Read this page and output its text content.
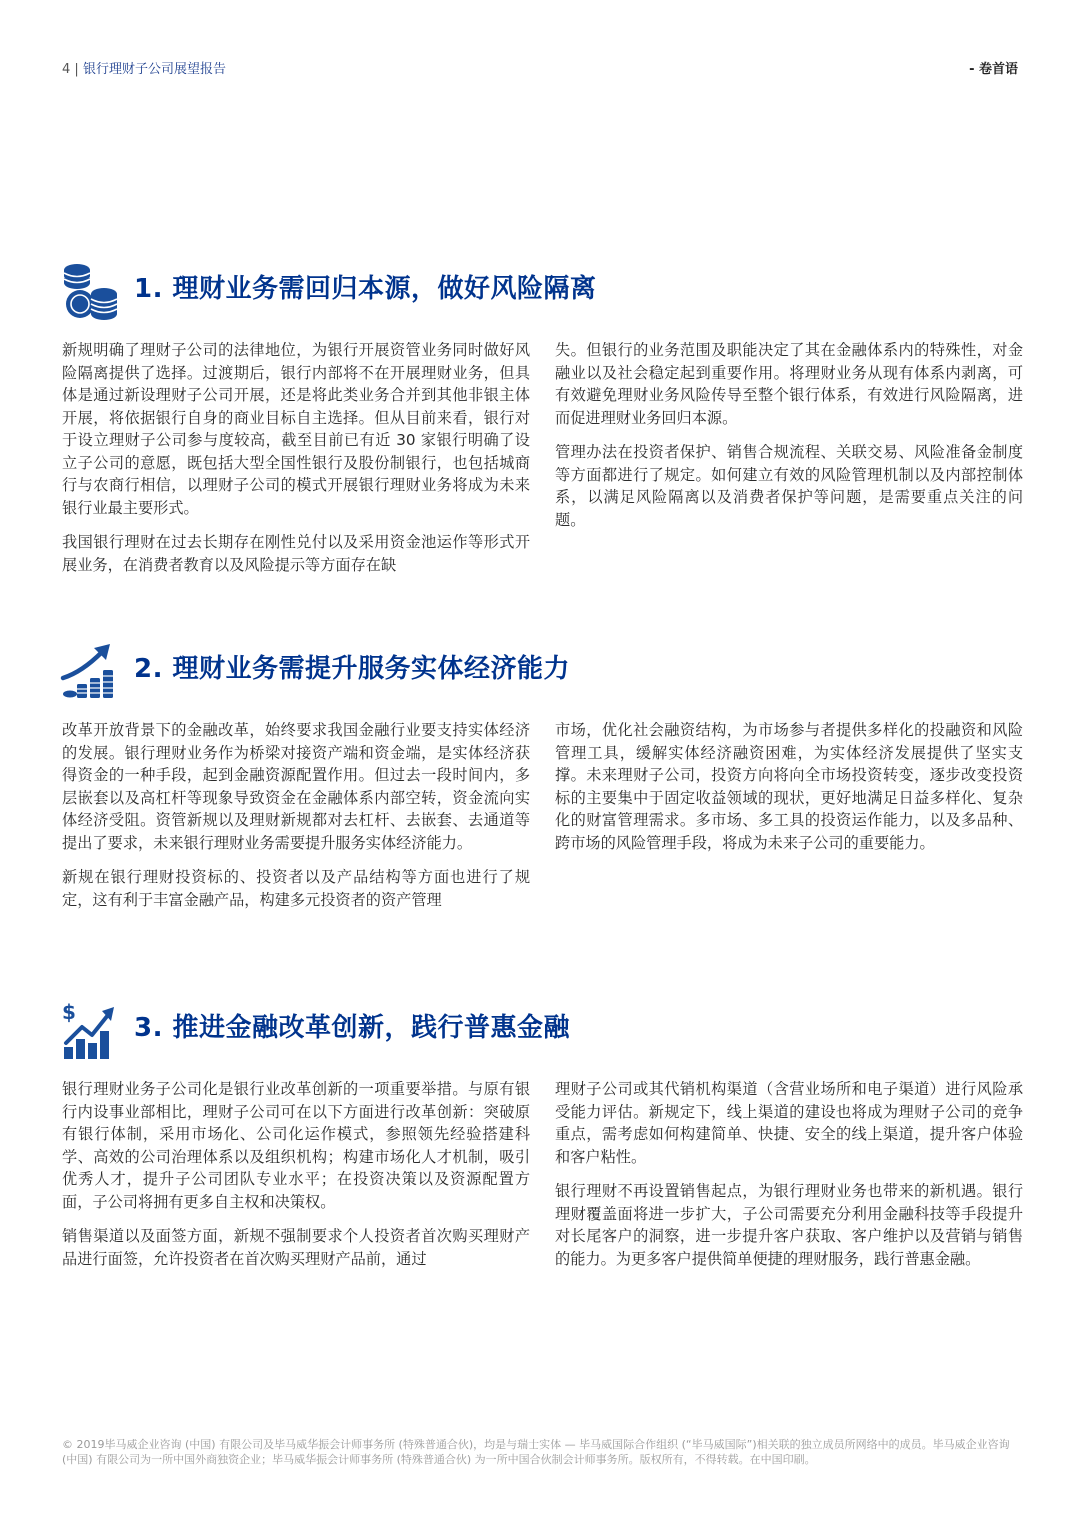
4 | 银行理财子公司展望报告	- 卷首语
1. 理财业务需回归本源，做好风险隔离

新规明确了理财子公司的法律地位，为银行开展资管业务同时做好风险隔离提供了选择。过渡期后，银行内部将不在开展理财业务，但具体是通过新设理财子公司开展，还是将此类业务合并到其他非银主体开展，将依据银行自身的商业目标自主选择。但从目前来看，银行对于设立理财子公司参与度较高，截至目前已有近 30 家银行明确了设立子公司的意愿，既包括大型全国性银行及股份制银行，也包括城商行与农商行相信，以理财子公司的模式开展银行理财业务将成为未来银行业最主要形式。

我国银行理财在过去长期存在刚性兑付以及采用资金池运作等形式开展业务，在消费者教育以及风险提示等方面存在缺

失。但银行的业务范围及职能决定了其在金融体系内的特殊性，对金融业以及社会稳定起到重要作用。将理财业务从现有体系内剥离，可有效避免理财业务风险传导至整个银行体系，有效进行风险隔离，进而促进理财业务回归本源。

管理办法在投资者保护、销售合规流程、关联交易、风险准备金制度等方面都进行了规定。如何建立有效的风险管理机制以及内部控制体系，以满足风险隔离以及消费者保护等问题，是需要重点关注的问题。

2. 理财业务需提升服务实体经济能力

改革开放背景下的金融改革，始终要求我国金融行业要支持实体经济的发展。银行理财业务作为桥梁对接资产端和资金端，是实体经济获得资金的一种手段，起到金融资源配置作用。但过去一段时间内，多层嵌套以及高杠杆等现象导致资金在金融体系内部空转，资金流向实体经济受阻。资管新规以及理财新规都对去杠杆、去嵌套、去通道等提出了要求，未来银行理财业务需要提升服务实体经济能力。

新规在银行理财投资标的、投资者以及产品结构等方面也进行了规定，这有利于丰富金融产品，构建多元投资者的资产管理

市场，优化社会融资结构，为市场参与者提供多样化的投融资和风险管理工具，缓解实体经济融资困难，为实体经济发展提供了坚实支撑。未来理财子公司，投资方向将向全市场投资转变，逐步改变投资标的主要集中于固定收益领域的现状，更好地满足日益多样化、复杂化的财富管理需求。多市场、多工具的投资运作能力，以及多品种、跨市场的风险管理手段，将成为未来子公司的重要能力。

$
3. 推进金融改革创新，践行普惠金融

银行理财业务子公司化是银行业改革创新的一项重要举措。与原有银行内设事业部相比，理财子公司可在以下方面进行改革创新：突破原有银行体制，采用市场化、公司化运作模式，参照领先经验搭建科学、高效的公司治理体系以及组织机构；构建市场化人才机制，吸引优秀人才，提升子公司团队专业水平；在投资决策以及资源配置方面，子公司将拥有更多自主权和决策权。

销售渠道以及面签方面，新规不强制要求个人投资者首次购买理财产品进行面签，允许投资者在首次购买理财产品前，通过

理财子公司或其代销机构渠道（含营业场所和电子渠道）进行风险承受能力评估。新规定下，线上渠道的建设也将成为理财子公司的竞争重点，需考虑如何构建简单、快捷、安全的线上渠道，提升客户体验和客户粘性。

银行理财不再设置销售起点，为银行理财业务也带来的新机遇。银行理财覆盖面将进一步扩大，子公司需要充分利用金融科技等手段提升对长尾客户的洞察，进一步提升客户获取、客户维护以及营销与销售的能力。为更多客户提供简单便捷的理财服务，践行普惠金融。

© 2019毕马威企业咨询 (中国) 有限公司及毕马威华振会计师事务所 (特殊普通合伙)，均是与瑞士实体 — 毕马威国际合作组织 (“毕马威国际”)相关联的独立成员所网络中的成员。毕马威企业咨询 (中国) 有限公司为一所中国外商独资企业；毕马威华振会计师事务所 (特殊普通合伙) 为一所中国合伙制会计师事务所。版权所有，不得转载。在中国印刷。
